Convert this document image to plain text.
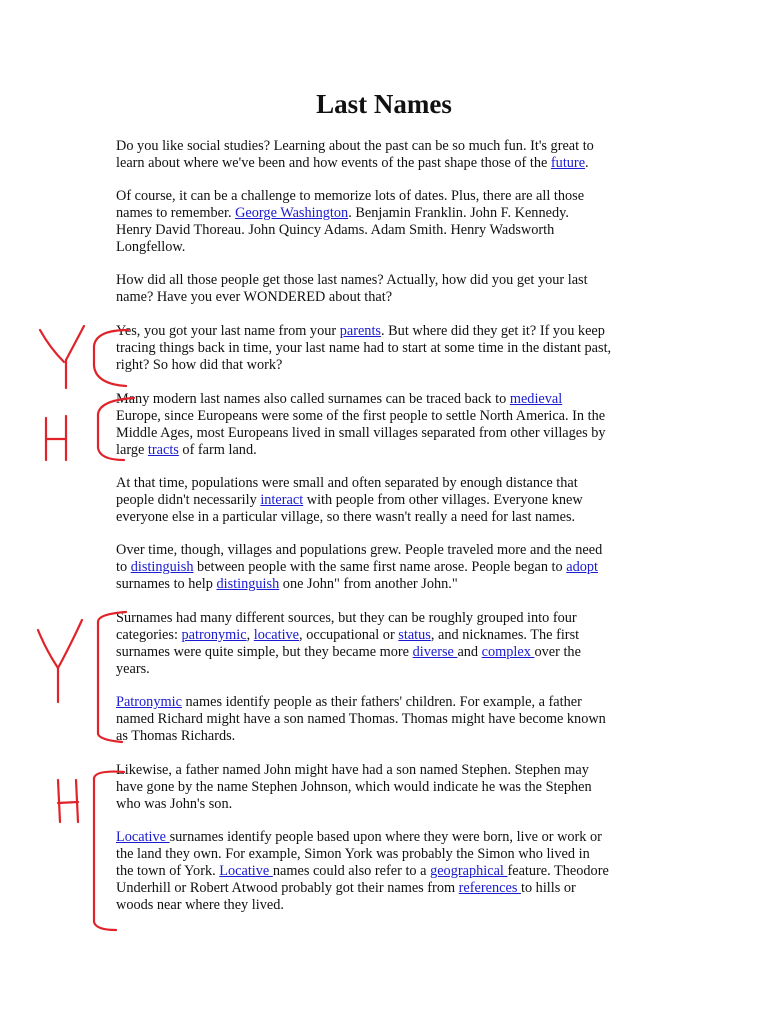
Last Names
Do you like social studies? Learning about the past can be so much fun. It's great to
learn about where we've been and how events of the past shape those of the future.
Of course, it can be a challenge to memorize lots of dates. Plus, there are all those
names to remember. George Washington. Benjamin Franklin. John F. Kennedy.
Henry David Thoreau. John Quincy Adams. Adam Smith. Henry Wadsworth
Longfellow.
How did all those people get those last names? Actually, how did you get your last
name? Have you ever WONDERED about that?
Yes, you got your last name from your parents. But where did they get it? If you keep
tracing things back in time, your last name had to start at some time in the distant past,
right? So how did that work?
Many modern last names also called surnames can be traced back to medieval
Europe, since Europeans were some of the first people to settle North America. In the
Middle Ages, most Europeans lived in small villages separated from other villages by
large tracts of farm land.
At that time, populations were small and often separated by enough distance that
people didn't necessarily interact with people from other villages. Everyone knew
everyone else in a particular village, so there wasn't really a need for last names.
Over time, though, villages and populations grew. People traveled more and the need
to distinguish between people with the same first name arose. People began to adopt
surnames to help distinguish one John" from another John."
Surnames had many different sources, but they can be roughly grouped into four
categories: patronymic, locative, occupational or status, and nicknames. The first
surnames were quite simple, but they became more diverse and complex over the
years.
Patronymic names identify people as their fathers' children. For example, a father
named Richard might have a son named Thomas. Thomas might have become known
as Thomas Richards.
Likewise, a father named John might have had a son named Stephen. Stephen may
have gone by the name Stephen Johnson, which would indicate he was the Stephen
who was John's son.
Locative surnames identify people based upon where they were born, live or work or
the land they own. For example, Simon York was probably the Simon who lived in
the town of York. Locative names could also refer to a geographical feature. Theodore
Underhill or Robert Atwood probably got their names from references to hills or
woods near where they lived.
